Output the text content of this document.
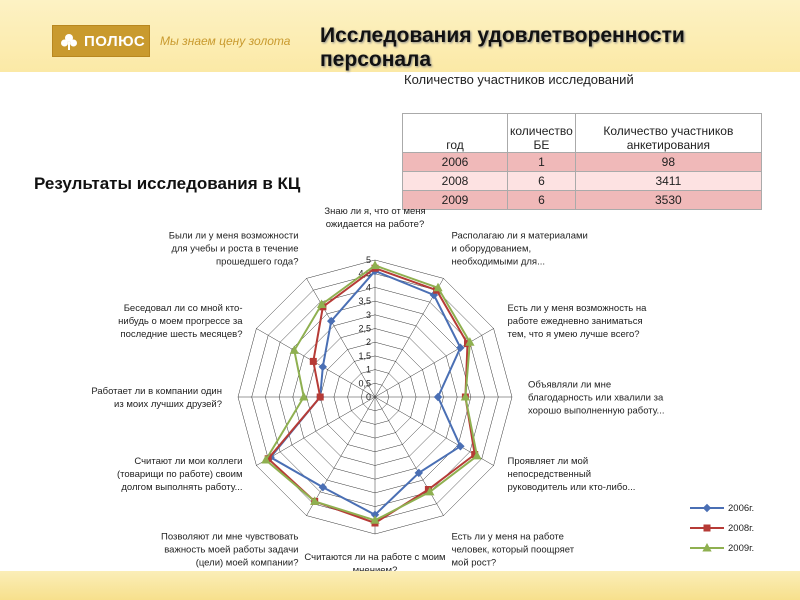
ПОЛЮС Мы знаем цену золота Исследования удовлетворенности персонала
Количество участников исследований
год	количество БЕ	Количество участников анкетирования
2006	1	98
2008	6	3411
2009	6	3530
Результаты исследования в КЦ
0
0,5
1
1,5
2
2,5
3
3,5
4
4,5
5
Знаю ли я, что от меня ожидается на работе?
Располагаю ли я материалами и оборудованием, необходимыми для...
Есть ли у меня возможность на работе ежедневно заниматься тем, что я умею лучше всего?
Объявляли ли мне благодарность или хвалили за хорошо выполненную работу...
Проявляет ли мой непосредственный руководитель или кто-либо...
Есть ли у меня на работе человек, который поощряет мой рост?
Считаются ли на работе с моим
Позволяют ли мне чувствовать важность моей работы задачи (цели) моей компании?
Считают ли мои коллеги (товарищи по работе) своим долгом выполнять работу...
Работает ли в компании один из моих лучших друзей?
Беседовал ли со мной кто-нибудь о моем прогрессе за последние шесть месяцев?
Были ли у меня возможности для учебы и роста в течение прошедшего года?
2006г.
2008г.
2009г.
